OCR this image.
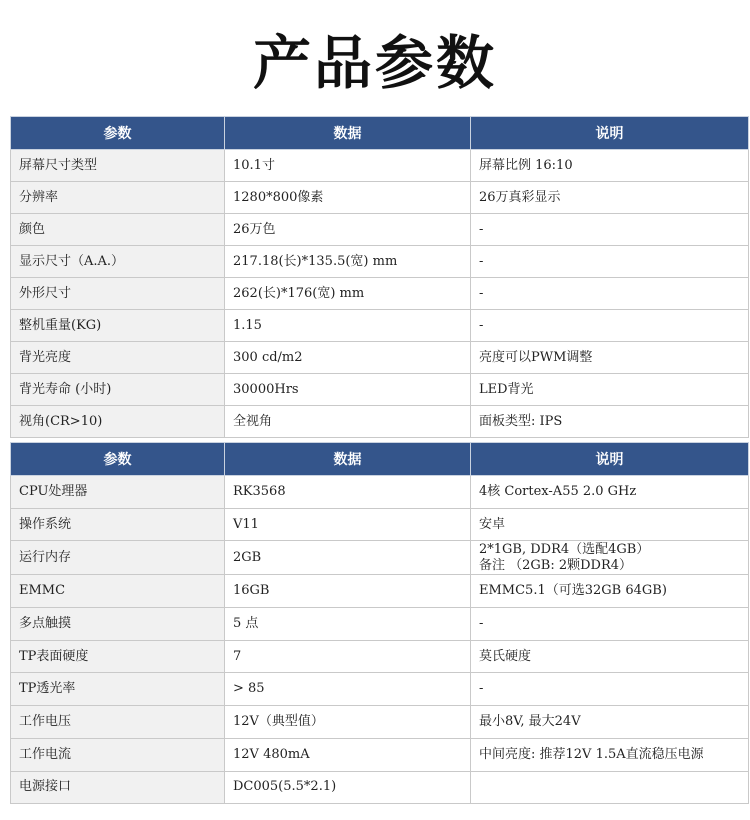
产品参数
参数	数据	说明
屏幕尺寸类型	10.1寸	屏幕比例 16:10
分辨率	1280*800像素	26万真彩显示
颜色	26万色	-
显示尺寸（A.A.）	217.18(长)*135.5(宽) mm	-
外形尺寸	262(长)*176(宽) mm	-
整机重量(KG)	1.15	-
背光亮度	300 cd/m2	亮度可以PWM调整
背光寿命 (小时)	30000Hrs	LED背光
视角(CR>10)	全视角	面板类型: IPS
参数	数据	说明
CPU处理器	RK3568	4核 Cortex-A55 2.0 GHz
操作系统	V11	安卓
运行内存	2GB	2*1GB, DDR4（选配4GB）
备注 （2GB: 2颗DDR4）
EMMC	16GB	EMMC5.1（可选32GB 64GB)
多点触摸	5 点	-
TP表面硬度	7	莫氏硬度
TP透光率	> 85	-
工作电压	12V（典型值）	最小8V, 最大24V
工作电流	12V 480mA	中间亮度: 推荐12V 1.5A直流稳压电源
电源接口	DC005(5.5*2.1)	
